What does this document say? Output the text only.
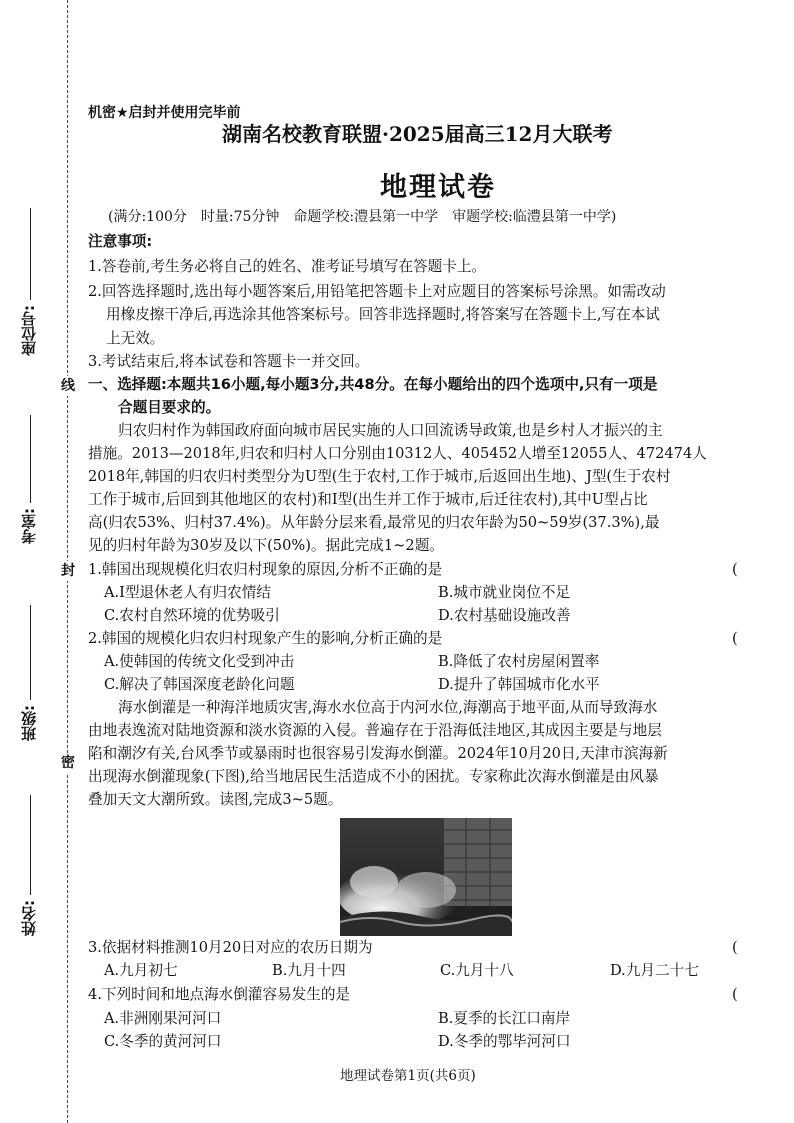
座位号:
考室:
班级:
姓名:
线
封
密
机密★启封并使用完毕前
湖南名校教育联盟·2025届高三12月大联考
地理试卷
(满分:100分　时量:75分钟　命题学校:澧县第一中学　审题学校:临澧县第一中学)
注意事项:
1.答卷前,考生务必将自己的姓名、准考证号填写在答题卡上。
2.回答选择题时,选出每小题答案后,用铅笔把答题卡上对应题目的答案标号涂黑。如需改动
用橡皮擦干净后,再选涂其他答案标号。回答非选择题时,将答案写在答题卡上,写在本试
上无效。
3.考试结束后,将本试卷和答题卡一并交回。
一、选择题:本题共16小题,每小题3分,共48分。在每小题给出的四个选项中,只有一项是
合题目要求的。
归农归村作为韩国政府面向城市居民实施的人口回流诱导政策,也是乡村人才振兴的主
措施。2013—2018年,归农和归村人口分别由10312人、405452人增至12055人、472474人
2018年,韩国的归农归村类型分为U型(生于农村,工作于城市,后返回出生地)、J型(生于农村
工作于城市,后回到其他地区的农村)和I型(出生并工作于城市,后迁往农村),其中U型占比
高(归农53%、归村37.4%)。从年龄分层来看,最常见的归农年龄为50~59岁(37.3%),最
见的归村年龄为30岁及以下(50%)。据此完成1~2题。
1.韩国出现规模化归农归村现象的原因,分析不正确的是	(
A.I型退休老人有归农情结	B.城市就业岗位不足
C.农村自然环境的优势吸引	D.农村基础设施改善
2.韩国的规模化归农归村现象产生的影响,分析正确的是	(
A.使韩国的传统文化受到冲击	B.降低了农村房屋闲置率
C.解决了韩国深度老龄化问题	D.提升了韩国城市化水平
海水倒灌是一种海洋地质灾害,海水水位高于内河水位,海潮高于地平面,从而导致海水
由地表逸流对陆地资源和淡水资源的入侵。普遍存在于沿海低洼地区,其成因主要是与地层
陷和潮汐有关,台风季节或暴雨时也很容易引发海水倒灌。2024年10月20日,天津市滨海新
出现海水倒灌现象(下图),给当地居民生活造成不小的困扰。专家称此次海水倒灌是由风暴
叠加天文大潮所致。读图,完成3~5题。
3.依据材料推测10月20日对应的农历日期为	(
A.九月初七	B.九月十四	C.九月十八	D.九月二十七
4.下列时间和地点海水倒灌容易发生的是	(
A.非洲刚果河河口	B.夏季的长江口南岸
C.冬季的黄河河口	D.冬季的鄂毕河河口
地理试卷第1页(共6页)
